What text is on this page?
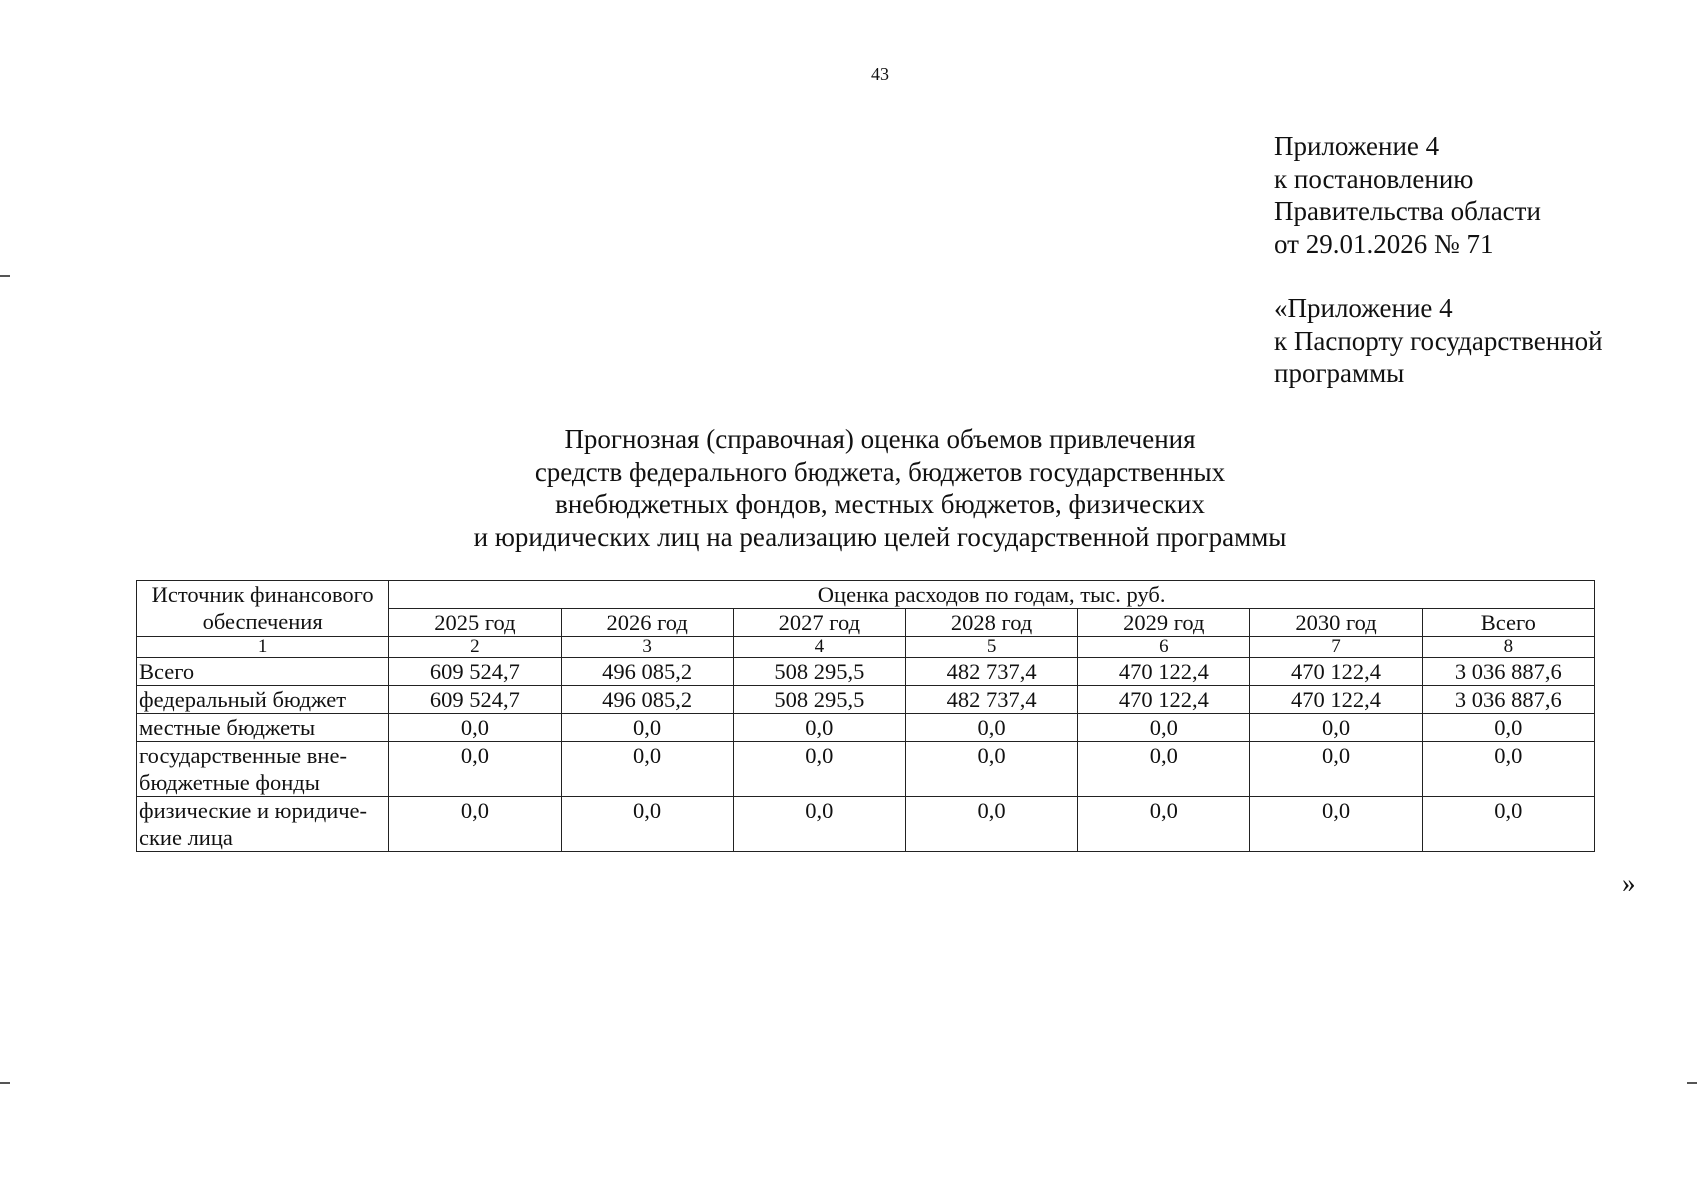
43
Приложение 4
к постановлению
Правительства области
от 29.01.2026 № 71
«Приложение 4
к Паспорту государственной
программы
Прогнозная (справочная) оценка объемов привлечения
средств федерального бюджета, бюджетов государственных
внебюджетных фондов, местных бюджетов, физических
и юридических лиц на реализацию целей государственной программы
Источник финансового обеспечения	Оценка расходов по годам, тыс. руб.						
	2025 год	2026 год	2027 год	2028 год	2029 год	2030 год	Всего
1	2	3	4	5	6	7	8
Всего	609 524,7	496 085,2	508 295,5	482 737,4	470 122,4	470 122,4	3 036 887,6
федеральный бюджет	609 524,7	496 085,2	508 295,5	482 737,4	470 122,4	470 122,4	3 036 887,6
местные бюджеты	0,0	0,0	0,0	0,0	0,0	0,0	0,0
государственные вне-бюджетные фонды	0,0	0,0	0,0	0,0	0,0	0,0	0,0
физические и юридиче-ские лица	0,0	0,0	0,0	0,0	0,0	0,0	0,0
»
